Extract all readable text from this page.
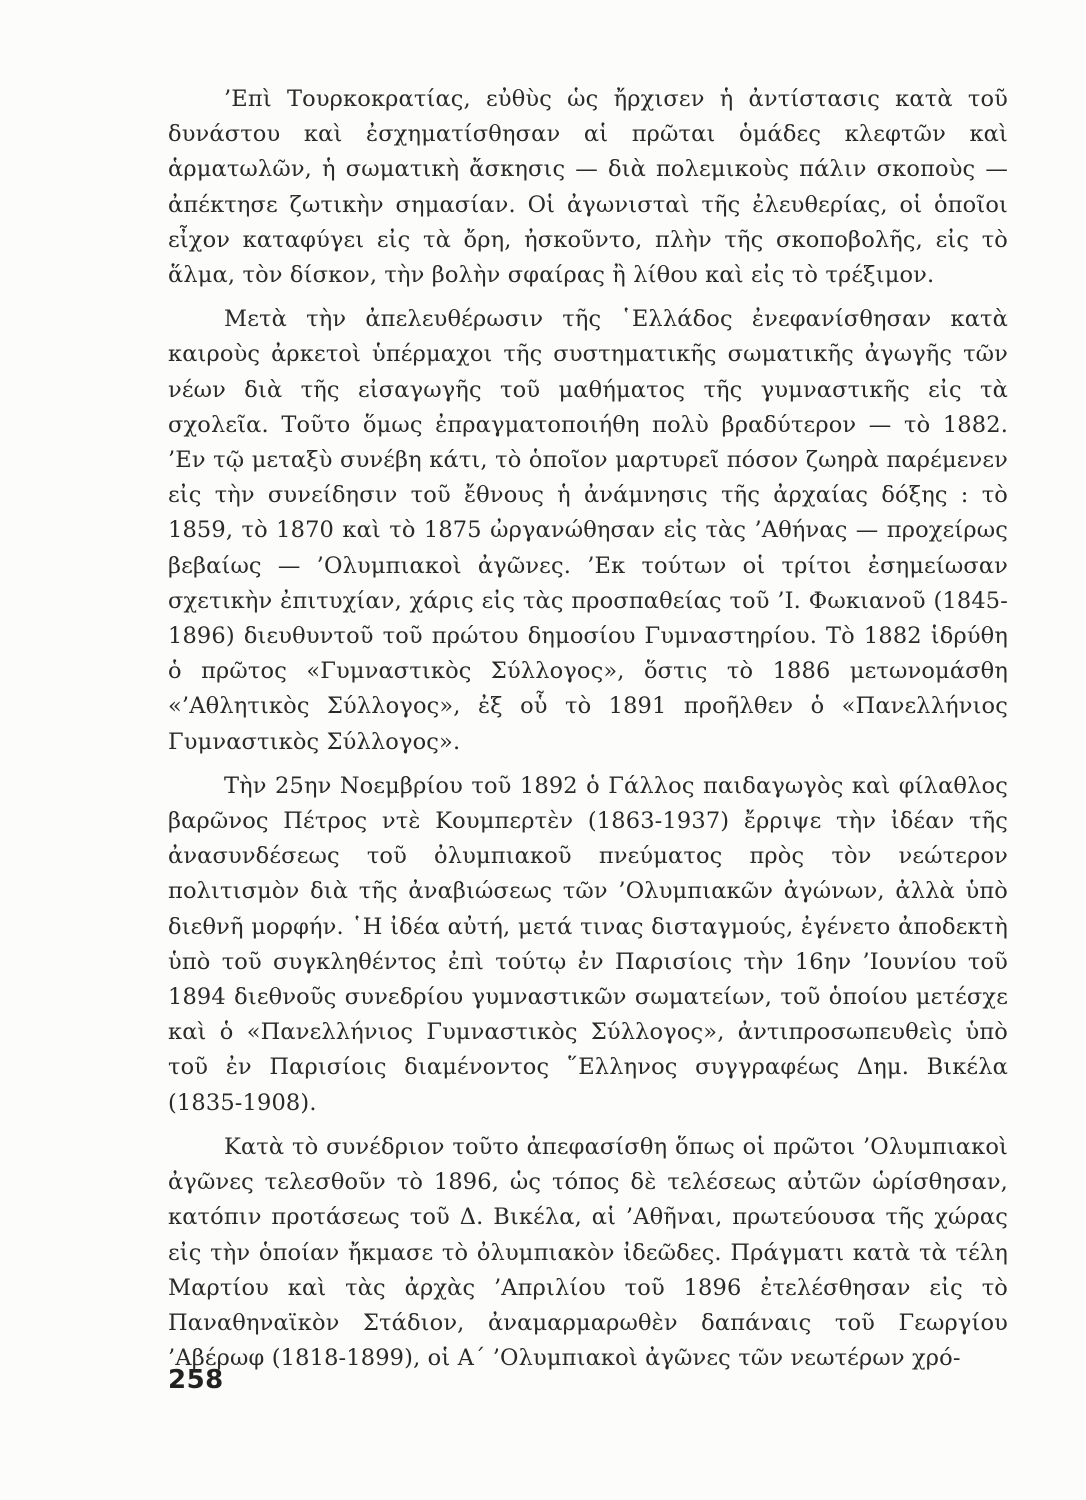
’Επὶ Τουρκοκρατίας, εὐθὺς ὡς ἤρχισεν ἡ ἀντίστασις κατὰ τοῦ δυνάστου καὶ ἐσχηματίσθησαν αἱ πρῶται ὁμάδες κλεφτῶν καὶ ἁρματωλῶν, ἡ σωματικὴ ἄσκησις — διὰ πολεμικοὺς πάλιν σκοποὺς — ἀπέκτησε ζωτικὴν σημασίαν. Οἱ ἀγωνισταὶ τῆς ἐλευθερίας, οἱ ὁποῖοι εἶχον καταφύγει εἰς τὰ ὄρη, ἠσκοῦντο, πλὴν τῆς σκοποβολῆς, εἰς τὸ ἅλμα, τὸν δίσκον, τὴν βολὴν σφαίρας ἢ λίθου καὶ εἰς τὸ τρέξιμον.

Μετὰ τὴν ἀπελευθέρωσιν τῆς ῾Ελλάδος ἐνεφανίσθησαν κατὰ καιροὺς ἀρκετοὶ ὑπέρμαχοι τῆς συστηματικῆς σωματικῆς ἀγωγῆς τῶν νέων διὰ τῆς εἰσαγωγῆς τοῦ μαθήματος τῆς γυμναστικῆς εἰς τὰ σχολεῖα. Τοῦτο ὅμως ἐπραγματοποιήθη πολὺ βραδύτερον — τὸ 1882. ’Εν τῷ μεταξὺ συνέβη κάτι, τὸ ὁποῖον μαρτυρεῖ πόσον ζωηρὰ παρέμενεν εἰς τὴν συνείδησιν τοῦ ἔθνους ἡ ἀνάμνησις τῆς ἀρχαίας δόξης : τὸ 1859, τὸ 1870 καὶ τὸ 1875 ὠργανώθησαν εἰς τὰς ’Αθήνας — προχείρως βεβαίως — ’Ολυμπιακοὶ ἀγῶνες. ’Εκ τούτων οἱ τρίτοι ἐσημείωσαν σχετικὴν ἐπιτυχίαν, χάρις εἰς τὰς προσπαθείας τοῦ ’Ι. Φωκιανοῦ (1845-1896) διευθυντοῦ τοῦ πρώτου δημοσίου Γυμναστηρίου. Τὸ 1882 ἱδρύθη ὁ πρῶτος «Γυμναστικὸς Σύλλογος», ὅστις τὸ 1886 μετωνομάσθη «’Αθλητικὸς Σύλλογος», ἐξ οὗ τὸ 1891 προῆλθεν ὁ «Πανελλήνιος Γυμναστικὸς Σύλλογος».

Τὴν 25ην Νοεμβρίου τοῦ 1892 ὁ Γάλλος παιδαγωγὸς καὶ φίλαθλος βαρῶνος Πέτρος ντὲ Κουμπερτὲν (1863-1937) ἔρριψε τὴν ἰδέαν τῆς ἀνασυνδέσεως τοῦ ὀλυμπιακοῦ πνεύματος πρὸς τὸν νεώτερον πολιτισμὸν διὰ τῆς ἀναβιώσεως τῶν ’Ολυμπιακῶν ἀγώνων, ἀλλὰ ὑπὸ διεθνῆ μορφήν. ῾Η ἰδέα αὐτή, μετά τινας δισταγμούς, ἐγένετο ἀποδεκτὴ ὑπὸ τοῦ συγκληθέντος ἐπὶ τούτῳ ἐν Παρισίοις τὴν 16ην ’Ιουνίου τοῦ 1894 διεθνοῦς συνεδρίου γυμναστικῶν σωματείων, τοῦ ὁποίου μετέσχε καὶ ὁ «Πανελλήνιος Γυμναστικὸς Σύλλογος», ἀντιπροσωπευθεὶς ὑπὸ τοῦ ἐν Παρισίοις διαμένοντος ῞Ελληνος συγγραφέως Δημ. Βικέλα (1835-1908).

Κατὰ τὸ συνέδριον τοῦτο ἀπεφασίσθη ὅπως οἱ πρῶτοι ’Ολυμπιακοὶ ἀγῶνες τελεσθοῦν τὸ 1896, ὡς τόπος δὲ τελέσεως αὐτῶν ὡρίσθησαν, κατόπιν προτάσεως τοῦ Δ. Βικέλα, αἱ ’Αθῆναι, πρωτεύουσα τῆς χώρας εἰς τὴν ὁποίαν ἤκμασε τὸ ὀλυμπιακὸν ἰδεῶδες. Πράγματι κατὰ τὰ τέλη Μαρτίου καὶ τὰς ἀρχὰς ’Απριλίου τοῦ 1896 ἐτελέσθησαν εἰς τὸ Παναθηναϊκὸν Στάδιον, ἀναμαρμαρωθὲν δαπάναις τοῦ Γεωργίου ’Αβέρωφ (1818-1899), οἱ Α΄ ’Ολυμπιακοὶ ἀγῶνες τῶν νεωτέρων χρό-

258
